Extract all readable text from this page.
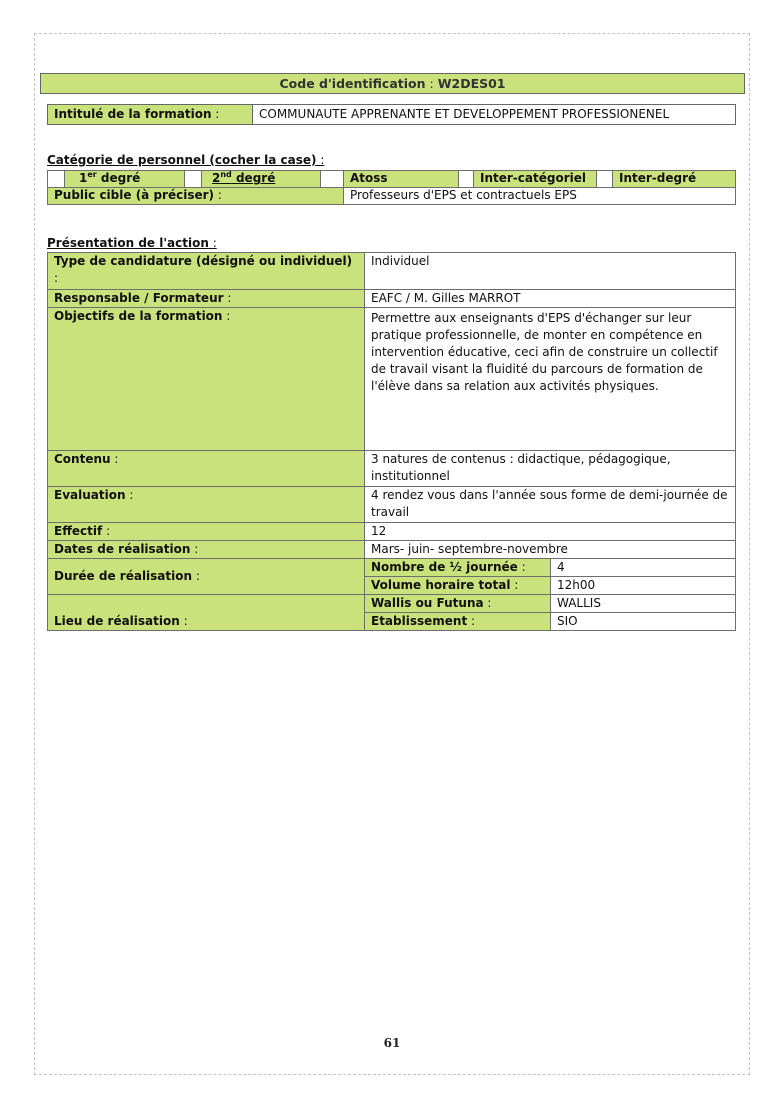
Code d'identification : W2DES01
Intitulé de la formation :	COMMUNAUTE APPRENANTE ET DEVELOPPEMENT PROFESSIONENEL
Catégorie de personnel (cocher la case) :
	1er degré		2nd degré		Atoss		Inter-catégoriel		Inter-degré
Public cible (à préciser) :					Professeurs d'EPS et contractuels EPS				
Présentation de l'action :
Type de candidature (désigné ou individuel) :	Individuel	
Responsable / Formateur :	EAFC / M. Gilles MARROT	
Objectifs de la formation :	Permettre aux enseignants d'EPS d'échanger sur leur pratique professionnelle, de monter en compétence en intervention éducative, ceci afin de construire un collectif de travail visant la fluidité du parcours de formation de l'élève dans sa relation aux activités physiques.	
Contenu :	3 natures de contenus : didactique, pédagogique, institutionnel	
Evaluation :	4 rendez vous dans l'année sous forme de demi-journée de travail	
Effectif :	12	
Dates de réalisation :	Mars- juin- septembre-novembre	
Durée de réalisation :	Nombre de ½ journée :	4
	Volume horaire total :	12h00
Lieu de réalisation :	Wallis ou Futuna :	WALLIS
	Etablissement :	SIO
61
